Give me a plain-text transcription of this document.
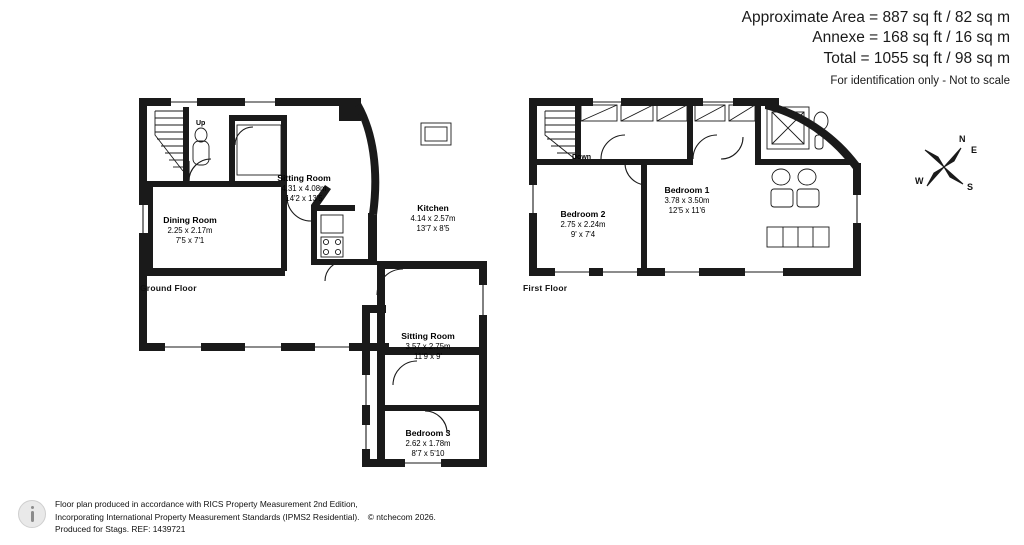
Approximate Area = 887 sq ft / 82 sq m
Annexe = 168 sq ft / 16 sq m
Total = 1055 sq ft / 98 sq m
For identification only - Not to scale
Up
Sitting Room
4.31 x 4.08m
14'2 x 13'5
Kitchen
4.14 x 2.57m
13'7 x 8'5
Dining Room
2.25 x 2.17m
7'5 x 7'1
Sitting Room
3.57 x 2.75m
11'9 x 9'
Bedroom 3
2.62 x 1.78m
8'7 x 5'10
Ground Floor
Down
Bedroom 1
3.78 x 3.50m
12'5 x 11'6
Bedroom 2
2.75 x 2.24m
9' x 7'4
First Floor
N
E
S
W
Floor plan produced in accordance with RICS Property Measurement 2nd Edition,
Incorporating International Property Measurement Standards (IPMS2 Residential). © ntchecom 2026.
Produced for Stags. REF: 1439721
